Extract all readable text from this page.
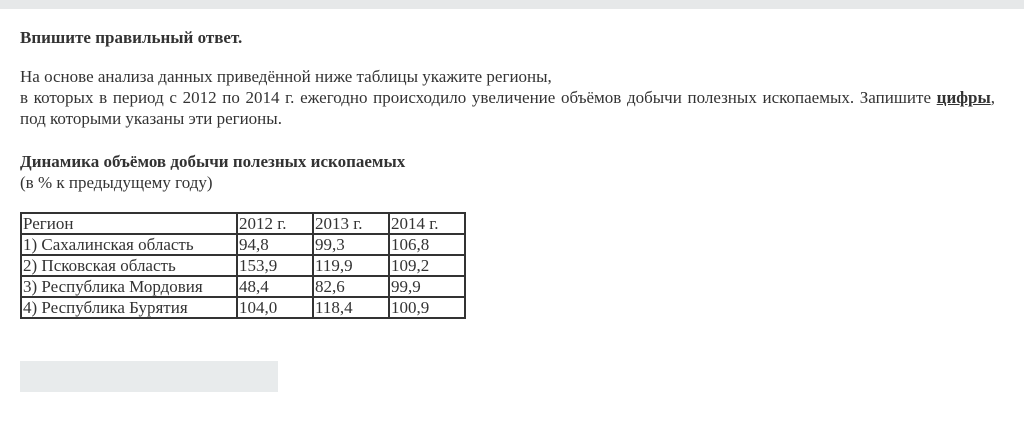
Впишите правильный ответ.

На основе анализа данных приведённой ниже таблицы укажите регионы,
в которых в период с 2012 по 2014 г. ежегодно происходило увеличение объёмов добычи полезных ископаемых. Запишите цифры, под которыми указаны эти регионы.

Динамика объёмов добычи полезных ископаемых

(в % к предыдущему году)

Регион	2012 г.	2013 г.	2014 г.
1) Сахалинская область	94,8	99,3	106,8
2) Псковская область	153,9	119,9	109,2
3) Республика Мордовия	48,4	82,6	99,9
4) Республика Бурятия	104,0	118,4	100,9
